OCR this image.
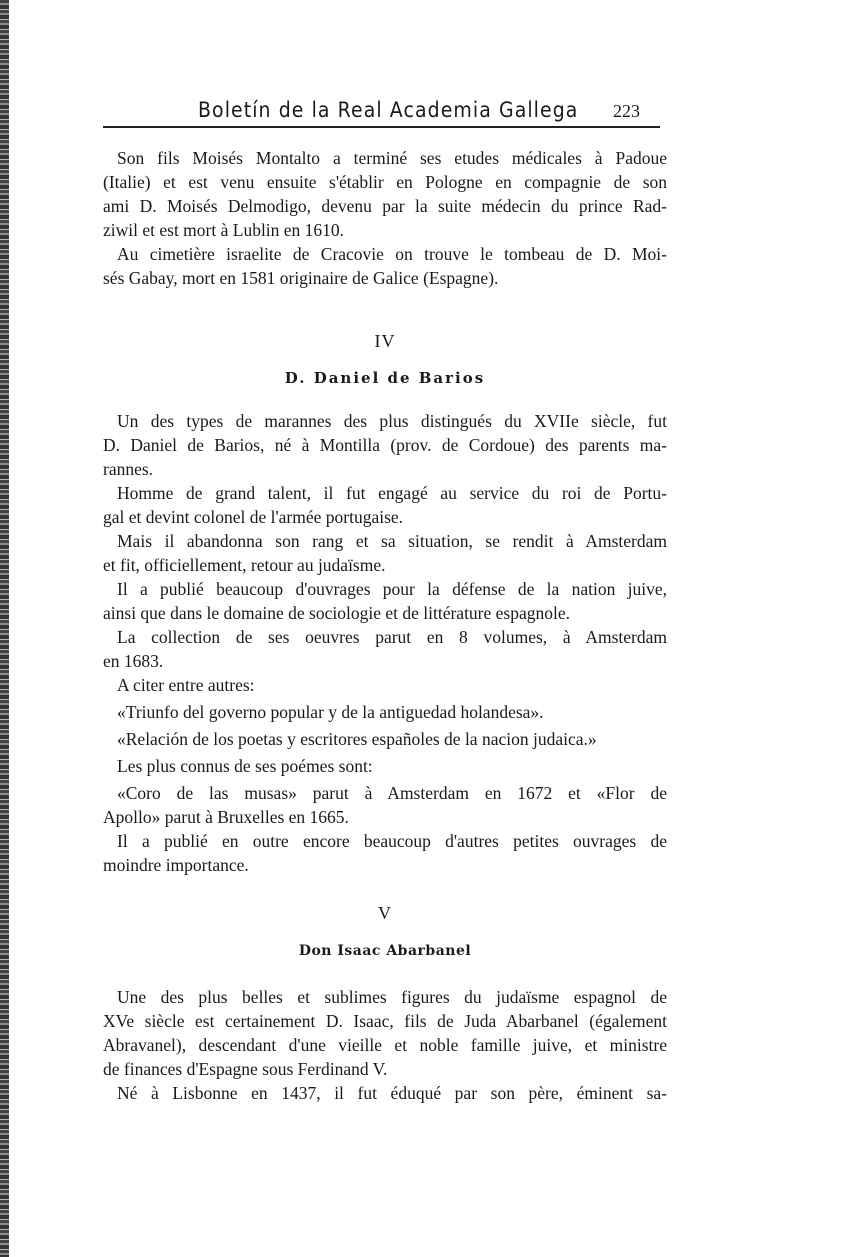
Boletín de la Real Academia Gallega 223
Son fils Moisés Montalto a terminé ses etudes médicales à Padoue
(Italie) et est venu ensuite s'établir en Pologne en compagnie de son
ami D. Moisés Delmodigo, devenu par la suite médecin du prince Rad-
ziwil et est mort à Lublin en 1610.
Au cimetière israelite de Cracovie on trouve le tombeau de D. Moi-
sés Gabay, mort en 1581 originaire de Galice (Espagne).
IV
D. Daniel de Barios
Un des types de marannes des plus distingués du XVIIe siècle, fut
D. Daniel de Barios, né à Montilla (prov. de Cordoue) des parents ma-
rannes.
Homme de grand talent, il fut engagé au service du roi de Portu-
gal et devint colonel de l'armée portugaise.
Mais il abandonna son rang et sa situation, se rendit à Amsterdam
et fit, officiellement, retour au judaïsme.
Il a publié beaucoup d'ouvrages pour la défense de la nation juive,
ainsi que dans le domaine de sociologie et de littérature espagnole.
La collection de ses oeuvres parut en 8 volumes, à Amsterdam
en 1683.
A citer entre autres:
«Triunfo del governo popular y de la antiguedad holandesa».
«Relación de los poetas y escritores españoles de la nacion judaica.»
Les plus connus de ses poémes sont:
«Coro de las musas» parut à Amsterdam en 1672 et «Flor de
Apollo» parut à Bruxelles en 1665.
Il a publié en outre encore beaucoup d'autres petites ouvrages de
moindre importance.
V
Don Isaac Abarbanel
Une des plus belles et sublimes figures du judaïsme espagnol de
XVe siècle est certainement D. Isaac, fils de Juda Abarbanel (également
Abravanel), descendant d'une vieille et noble famille juive, et ministre
de finances d'Espagne sous Ferdinand V.
Né à Lisbonne en 1437, il fut éduqué par son père, éminent sa-
